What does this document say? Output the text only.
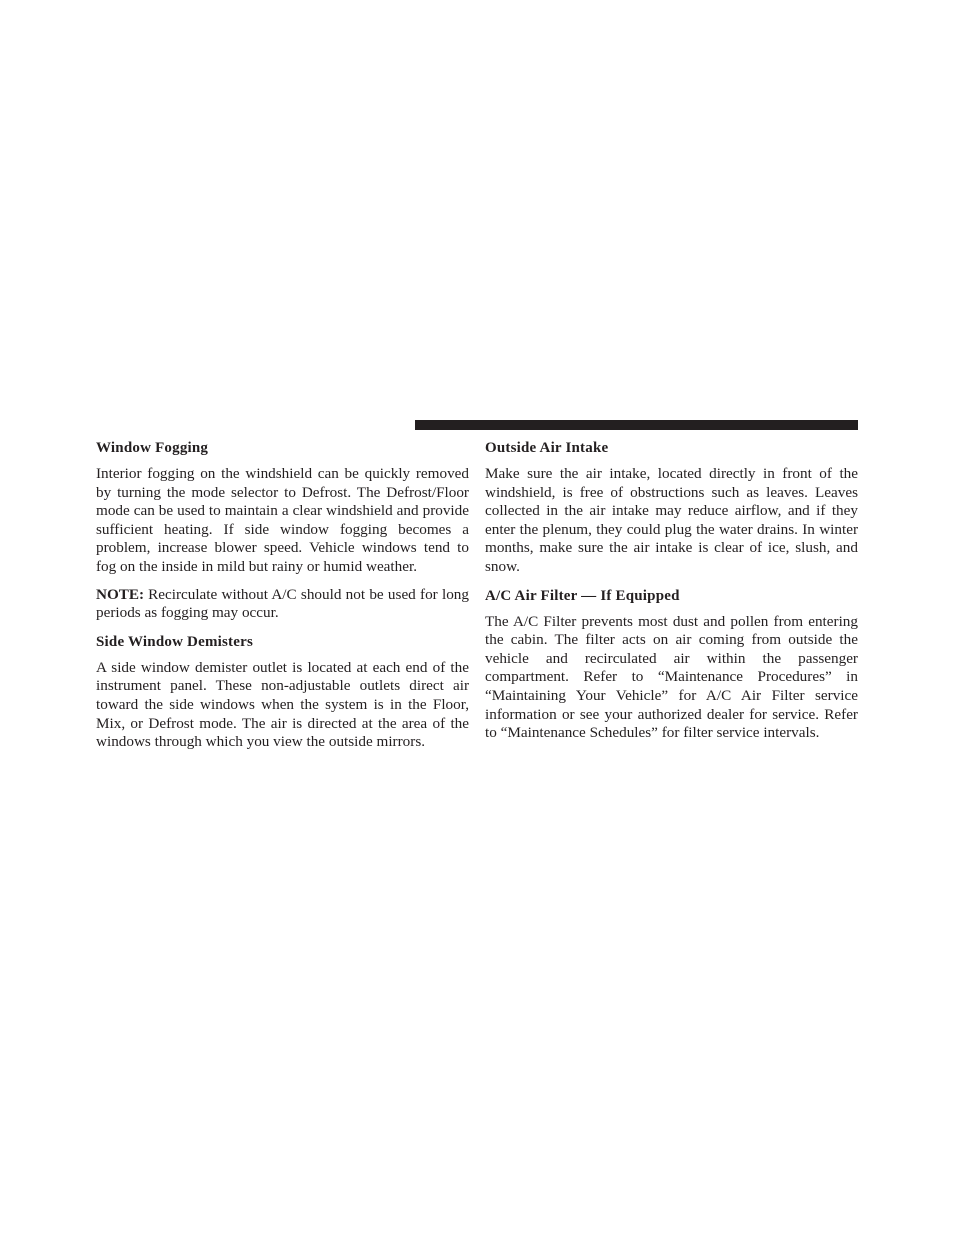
Window Fogging

Interior fogging on the windshield can be quickly removed by turning the mode selector to Defrost. The Defrost/Floor mode can be used to maintain a clear windshield and provide sufficient heating. If side window fogging becomes a problem, increase blower speed. Vehicle windows tend to fog on the inside in mild but rainy or humid weather.

NOTE: Recirculate without A/C should not be used for long periods as fogging may occur.

Side Window Demisters

A side window demister outlet is located at each end of the instrument panel. These non-adjustable outlets direct air toward the side windows when the system is in the Floor, Mix, or Defrost mode. The air is directed at the area of the windows through which you view the outside mirrors.

Outside Air Intake

Make sure the air intake, located directly in front of the windshield, is free of obstructions such as leaves. Leaves collected in the air intake may reduce airflow, and if they enter the plenum, they could plug the water drains. In winter months, make sure the air intake is clear of ice, slush, and snow.

A/C Air Filter — If Equipped

The A/C Filter prevents most dust and pollen from entering the cabin. The filter acts on air coming from outside the vehicle and recirculated air within the passenger compartment. Refer to “Maintenance Procedures” in “Maintaining Your Vehicle” for A/C Air Filter service information or see your authorized dealer for service. Refer to “Maintenance Schedules” for filter service intervals.
